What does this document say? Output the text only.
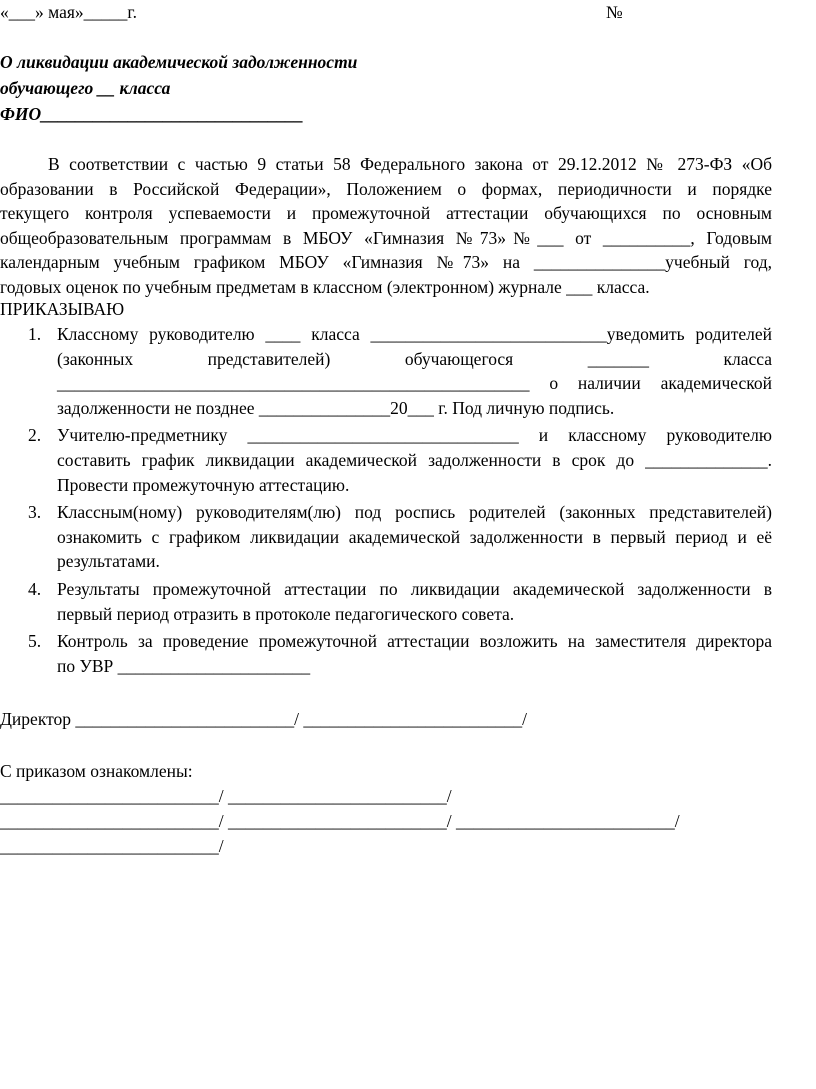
«___» мая»_____г.	№
О ликвидации академической задолженности
обучающего __ класса
ФИО______________________________
В соответствии с частью 9 статьи 58 Федерального закона от 29.12.2012 № 273-ФЗ «Об
образовании в Российской Федерации», Положением о формах, периодичности и порядке
текущего контроля успеваемости и промежуточной аттестации обучающихся по основным
общеобразовательным программам в МБОУ «Гимназия №73»№___ от __________, Годовым
календарным учебным графиком МБОУ «Гимназия №73» на _______________учебный год,
годовых оценок по учебным предметам в классном (электронном) журнале ___ класса.
ПРИКАЗЫВАЮ
1. Классному руководителю ____ класса ___________________________уведомить родителей
(законных	представителей)	обучающегося	_______	класса
______________________________________________________ о наличии академической
задолженности не позднее _______________20___ г. Под личную подпись.
2. Учителю-предметнику _______________________________ и классному руководителю
составить график ликвидации академической задолженности в срок до ______________.
Провести промежуточную аттестацию.
3. Классным(ному) руководителям(лю) под роспись родителей (законных представителей)
ознакомить с графиком ликвидации академической задолженности в первый период и её
результатами.
4. Результаты промежуточной аттестации по ликвидации академической задолженности в
первый период отразить в протоколе педагогического совета.
5. Контроль за проведение промежуточной аттестации возложить на заместителя директора
по УВР ______________________
Директор _________________________/ _________________________/
С приказом ознакомлены:
_________________________/ _________________________/
_________________________/ _________________________/ _________________________/
_________________________/
